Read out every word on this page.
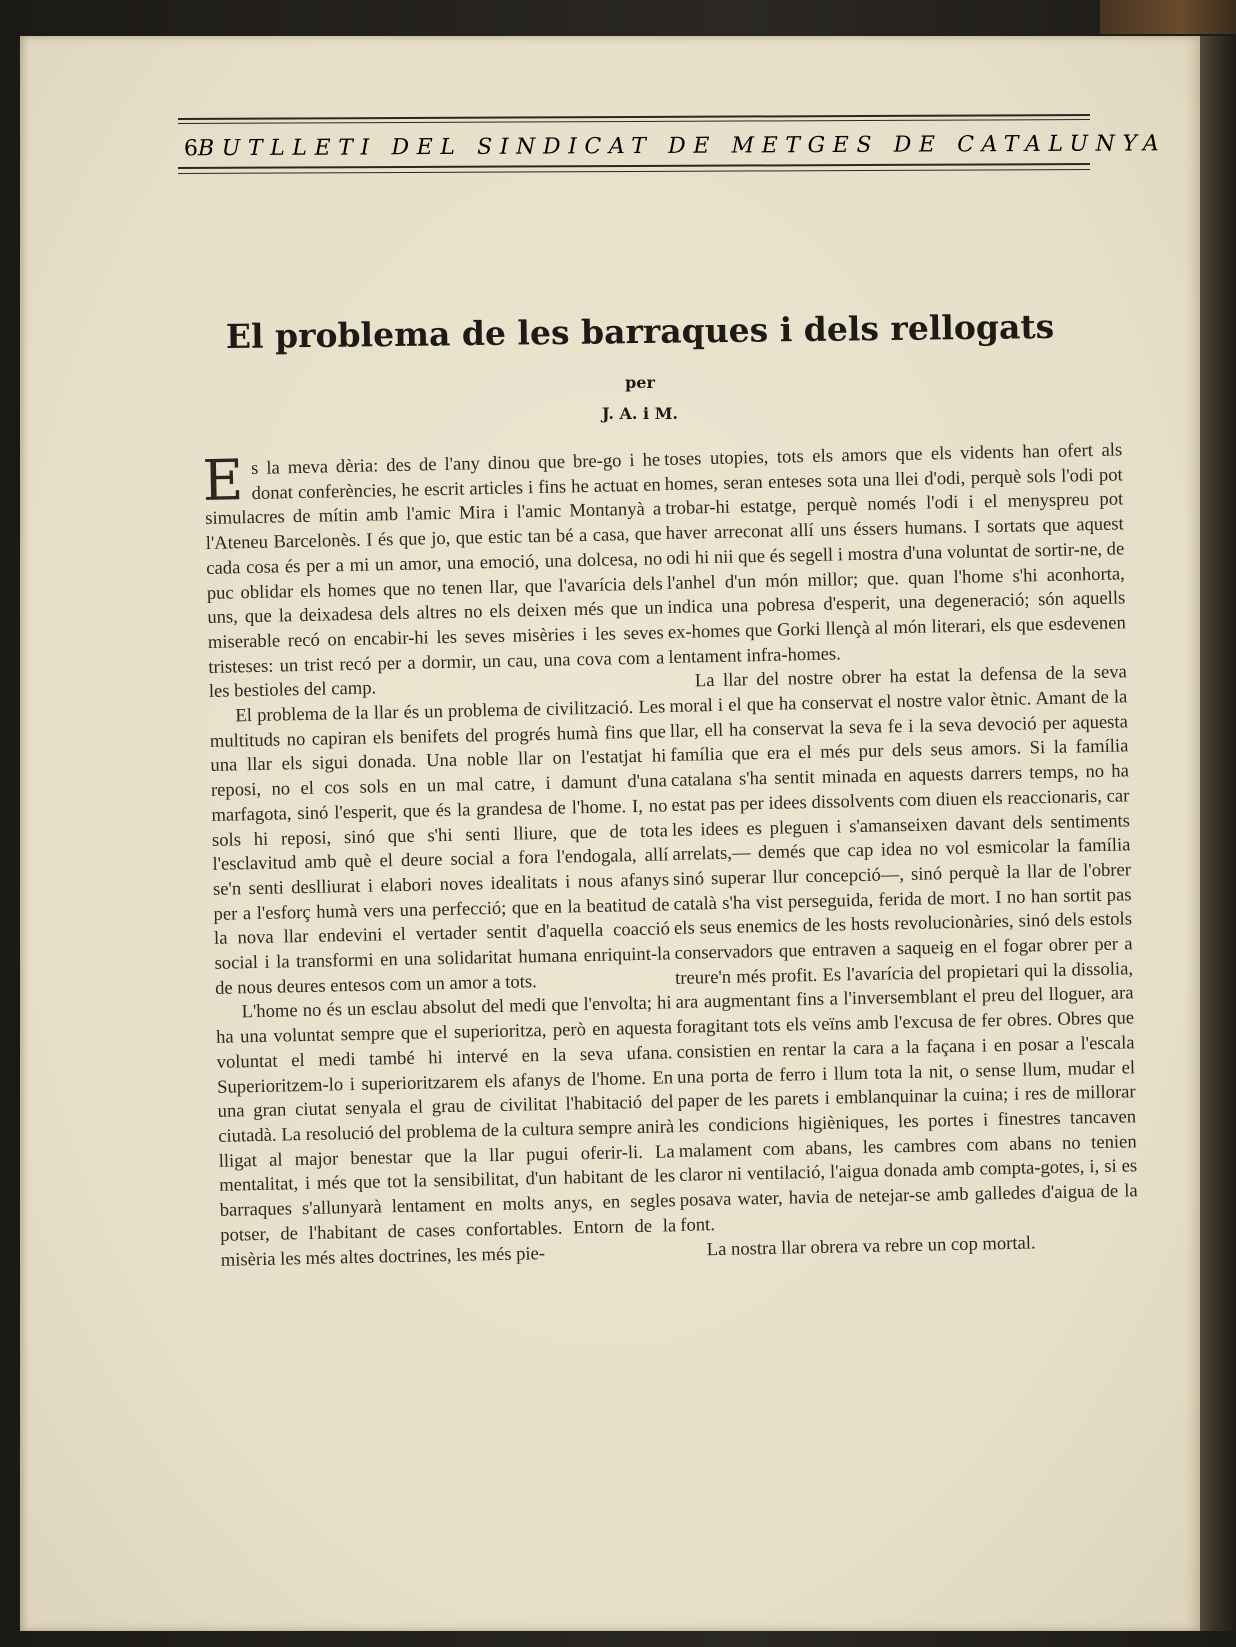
6 BUTLLETI DEL SINDICAT DE METGES DE CATALUNYA
El problema de les barraques i dels rellogats
per
J. A. i M.

Es la meva dèria: des de l'any dinou que bre-go i he donat conferències, he escrit articles i fins he actuat en simulacres de mítin amb l'amic Mira i l'amic Montanyà a l'Ateneu Barcelonès. I és que jo, que estic tan bé a casa, que cada cosa és per a mi un amor, una emoció, una dolcesa, no puc oblidar els homes que no tenen llar, que l'avarícia dels uns, que la deixadesa dels altres no els deixen més que un miserable recó on encabir-hi les seves misèries i les seves tristeses: un trist recó per a dormir, un cau, una cova com a les bestioles del camp.

El problema de la llar és un problema de civilització. Les multituds no capiran els benifets del progrés humà fins que una llar els sigui donada. Una noble llar on l'estatjat hi reposi, no el cos sols en un mal catre, i damunt d'una marfagota, sinó l'esperit, que és la grandesa de l'home. I, no sols hi reposi, sinó que s'hi senti lliure, que de tota l'esclavitud amb què el deure social a fora l'endogala, allí se'n senti deslliurat i elabori noves idealitats i nous afanys per a l'esforç humà vers una perfecció; que en la beatitud de la nova llar endevini el vertader sentit d'aquella coacció social i la transformi en una solidaritat humana enriquint-la de nous deures entesos com un amor a tots.

L'home no és un esclau absolut del medi que l'envolta; hi ha una voluntat sempre que el superioritza, però en aquesta voluntat el medi també hi intervé en la seva ufana. Superioritzem-lo i superioritzarem els afanys de l'home. En una gran ciutat senyala el grau de civilitat l'habitació del ciutadà. La resolució del problema de la cultura sempre anirà lligat al major benestar que la llar pugui oferir-li. La mentalitat, i més que tot la sensibilitat, d'un habitant de les barraques s'allunyarà lentament en molts anys, en segles potser, de l'habitant de cases confortables. Entorn de la misèria les més altes doctrines, les més pie-

toses utopies, tots els amors que els vidents han ofert als homes, seran enteses sota una llei d'odi, perquè sols l'odi pot trobar-hi estatge, perquè només l'odi i el menyspreu pot haver arreconat allí uns éssers humans. I sortats que aquest odi hi nii que és segell i mostra d'una voluntat de sortir-ne, de l'anhel d'un món millor; que. quan l'home s'hi aconhorta, indica una pobresa d'esperit, una degeneració; són aquells ex-homes que Gorki llençà al món literari, els que esdevenen lentament infra-homes.

La llar del nostre obrer ha estat la defensa de la seva moral i el que ha conservat el nostre valor ètnic. Amant de la llar, ell ha conservat la seva fe i la seva devoció per aquesta família que era el més pur dels seus amors. Si la família catalana s'ha sentit minada en aquests darrers temps, no ha estat pas per idees dissolvents com diuen els reaccionaris, car les idees es pleguen i s'amanseixen davant dels sentiments arrelats,— demés que cap idea no vol esmicolar la família sinó superar llur concepció—, sinó perquè la llar de l'obrer català s'ha vist perseguida, ferida de mort. I no han sortit pas els seus enemics de les hosts revolucionàries, sinó dels estols conservadors que entraven a saqueig en el fogar obrer per a treure'n més profit. Es l'avarícia del propietari qui la dissolia, ara augmentant fins a l'inversemblant el preu del lloguer, ara foragitant tots els veïns amb l'excusa de fer obres. Obres que consistien en rentar la cara a la façana i en posar a l'escala una porta de ferro i llum tota la nit, o sense llum, mudar el paper de les parets i emblanquinar la cuina; i res de millorar les condicions higièniques, les portes i finestres tancaven malament com abans, les cambres com abans no tenien claror ni ventilació, l'aigua donada amb compta-gotes, i, si es posava water, havia de netejar-se amb galledes d'aigua de la font.

La nostra llar obrera va rebre un cop mortal.
